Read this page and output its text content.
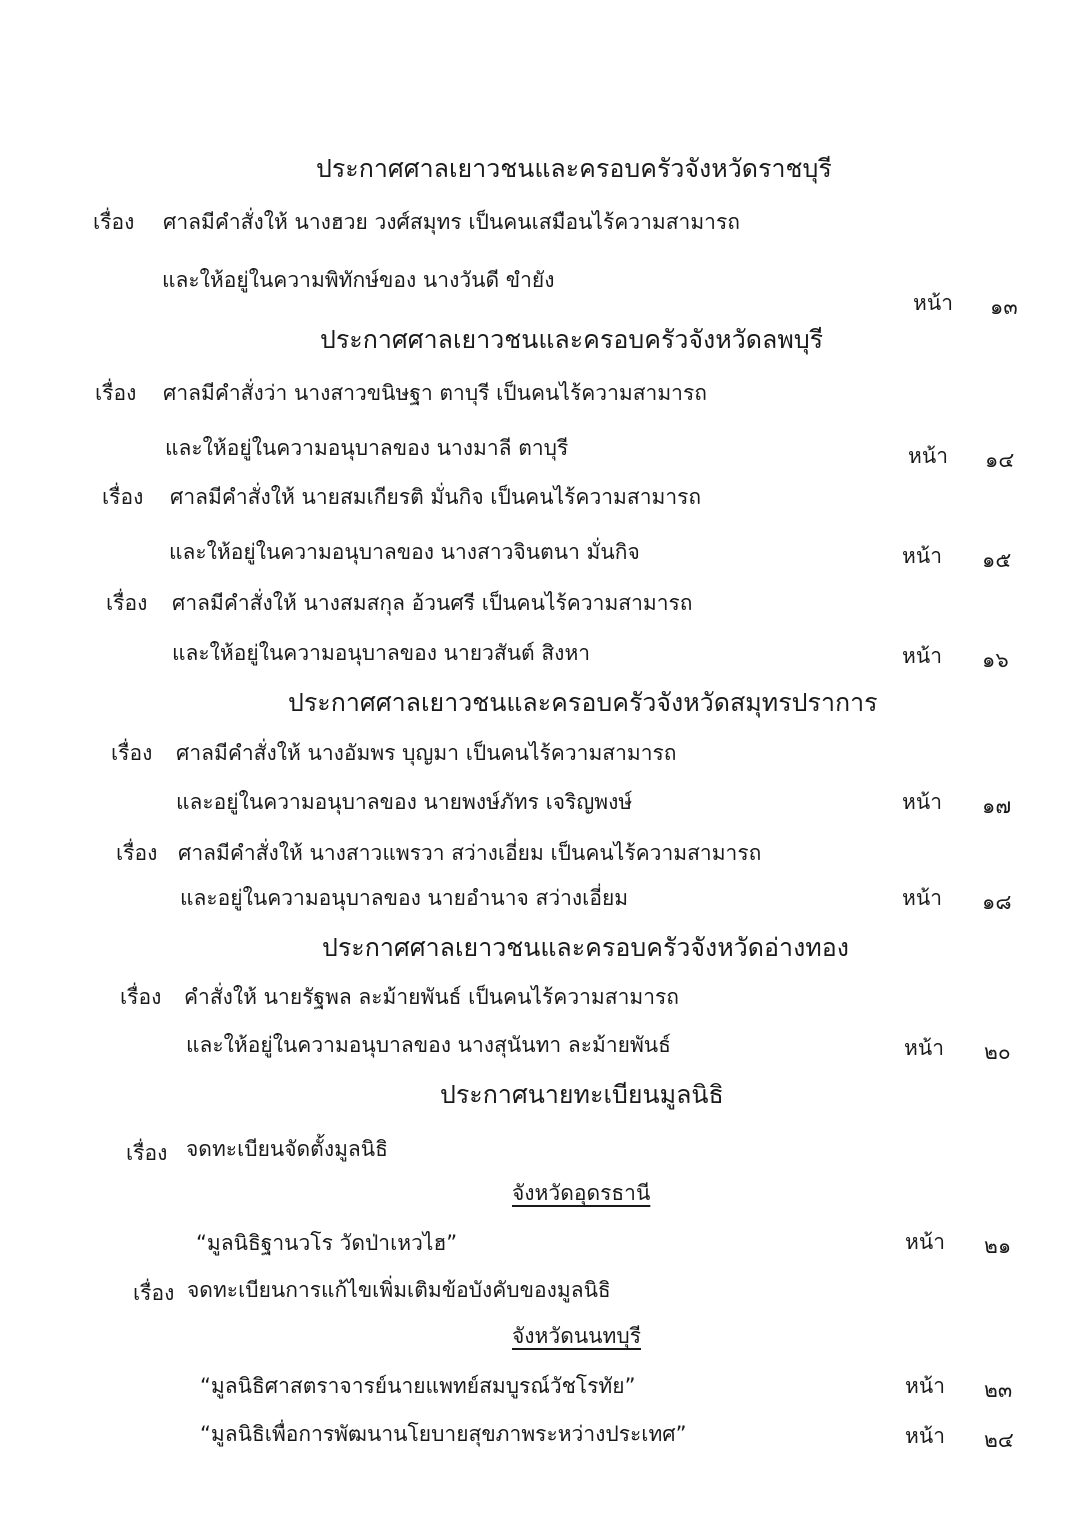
ประกาศศาลเยาวชนและครอบครัวจังหวัดราชบุรี
เรื่อง ศาลมีคำสั่งให้ นางฮวย วงศ์สมุทร เป็นคนเสมือนไร้ความสามารถ
และให้อยู่ในความพิทักษ์ของ นางวันดี ขำยัง
หน้า ๑๓
ประกาศศาลเยาวชนและครอบครัวจังหวัดลพบุรี
เรื่อง ศาลมีคำสั่งว่า นางสาวขนิษฐา ตาบุรี เป็นคนไร้ความสามารถ
และให้อยู่ในความอนุบาลของ นางมาลี ตาบุรี	หน้า ๑๔
เรื่อง ศาลมีคำสั่งให้ นายสมเกียรติ มั่นกิจ เป็นคนไร้ความสามารถ
และให้อยู่ในความอนุบาลของ นางสาวจินตนา มั่นกิจ	หน้า ๑๕
เรื่อง ศาลมีคำสั่งให้ นางสมสกุล อ้วนศรี เป็นคนไร้ความสามารถ
และให้อยู่ในความอนุบาลของ นายวสันต์ สิงหา	หน้า ๑๖
ประกาศศาลเยาวชนและครอบครัวจังหวัดสมุทรปราการ
เรื่อง ศาลมีคำสั่งให้ นางอัมพร บุญมา เป็นคนไร้ความสามารถ
และอยู่ในความอนุบาลของ นายพงษ์ภัทร เจริญพงษ์	หน้า ๑๗
เรื่อง ศาลมีคำสั่งให้ นางสาวแพรวา สว่างเอี่ยม เป็นคนไร้ความสามารถ
และอยู่ในความอนุบาลของ นายอำนาจ สว่างเอี่ยม	หน้า ๑๘
ประกาศศาลเยาวชนและครอบครัวจังหวัดอ่างทอง
เรื่อง คำสั่งให้ นายรัฐพล ละม้ายพันธ์ เป็นคนไร้ความสามารถ
และให้อยู่ในความอนุบาลของ นางสุนันทา ละม้ายพันธ์	หน้า ๒๐
ประกาศนายทะเบียนมูลนิธิ
เรื่อง จดทะเบียนจัดตั้งมูลนิธิ
จังหวัดอุดรธานี
“มูลนิธิฐานวโร วัดป่าเหวไฮ”	หน้า ๒๑
เรื่อง จดทะเบียนการแก้ไขเพิ่มเติมข้อบังคับของมูลนิธิ
จังหวัดนนทบุรี
“มูลนิธิศาสตราจารย์นายแพทย์สมบูรณ์วัชโรทัย”	หน้า ๒๓
“มูลนิธิเพื่อการพัฒนานโยบายสุขภาพระหว่างประเทศ”	หน้า ๒๔
